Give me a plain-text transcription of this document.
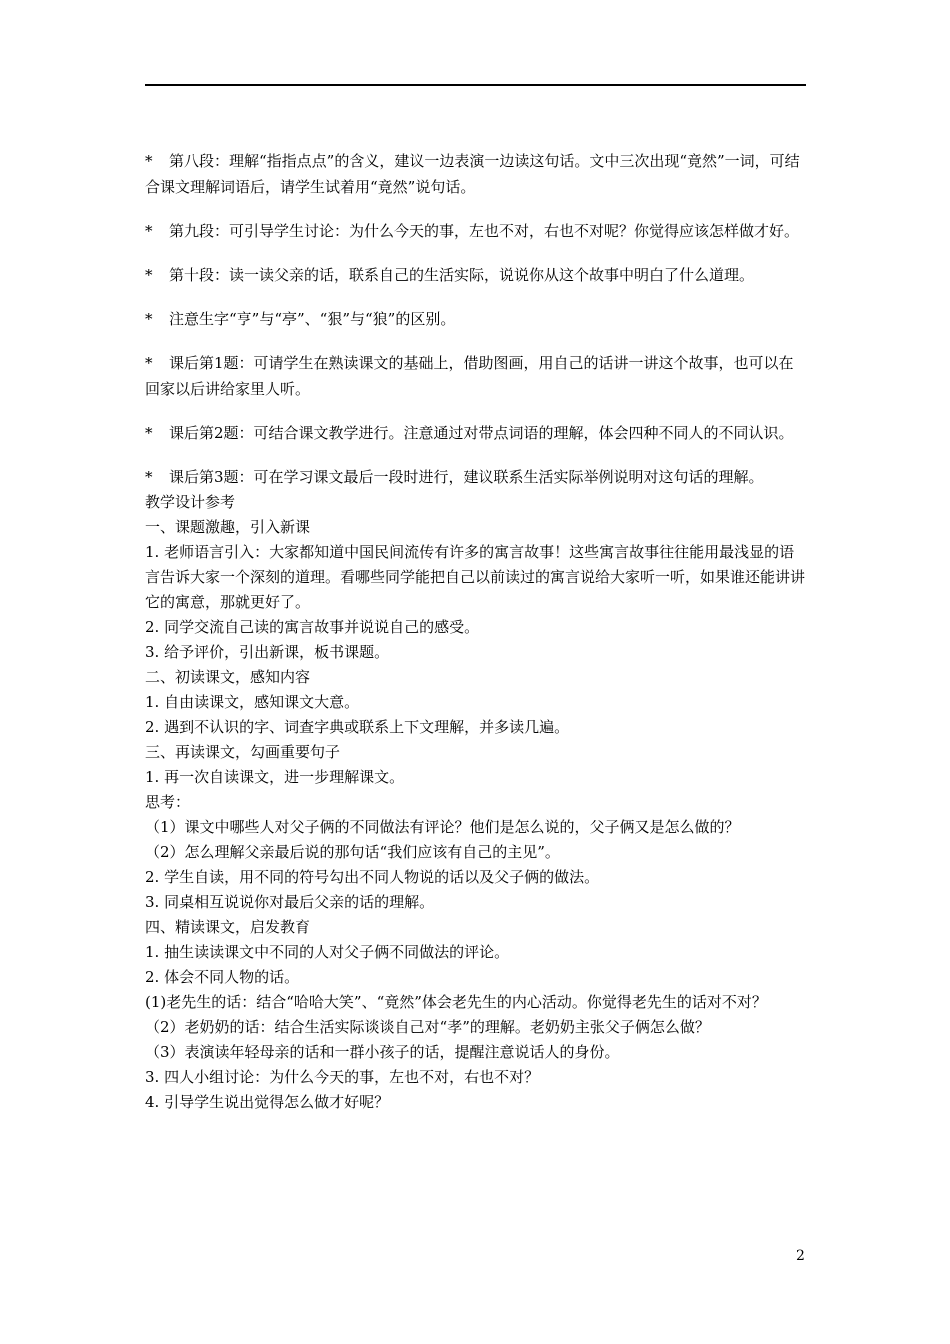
* 第八段：理解“指指点点”的含义，建议一边表演一边读这句话。文中三次出现“竟然”一词，可结合课文理解词语后，请学生试着用“竟然”说句话。

* 第九段：可引导学生讨论：为什么今天的事，左也不对，右也不对呢？你觉得应该怎样做才好。

* 第十段：读一读父亲的话，联系自己的生活实际，说说你从这个故事中明白了什么道理。

* 注意生字“亨”与“亭”、“狠”与“狼”的区别。

* 课后第1题：可请学生在熟读课文的基础上，借助图画，用自己的话讲一讲这个故事，也可以在回家以后讲给家里人听。

* 课后第2题：可结合课文教学进行。注意通过对带点词语的理解，体会四种不同人的不同认识。

* 课后第3题：可在学习课文最后一段时进行，建议联系生活实际举例说明对这句话的理解。

教学设计参考

一、课题激趣，引入新课

1. 老师语言引入：大家都知道中国民间流传有许多的寓言故事！这些寓言故事往往能用最浅显的语言告诉大家一个深刻的道理。看哪些同学能把自己以前读过的寓言说给大家听一听，如果谁还能讲讲它的寓意，那就更好了。

2. 同学交流自己读的寓言故事并说说自己的感受。

3. 给予评价，引出新课，板书课题。

二、初读课文，感知内容

1. 自由读课文，感知课文大意。

2. 遇到不认识的字、词查字典或联系上下文理解，并多读几遍。

三、再读课文，勾画重要句子

1. 再一次自读课文，进一步理解课文。

思考：

（1）课文中哪些人对父子俩的不同做法有评论？他们是怎么说的，父子俩又是怎么做的？

（2）怎么理解父亲最后说的那句话“我们应该有自己的主见”。

2. 学生自读，用不同的符号勾出不同人物说的话以及父子俩的做法。

3. 同桌相互说说你对最后父亲的话的理解。

四、精读课文，启发教育

1. 抽生读读课文中不同的人对父子俩不同做法的评论。

2. 体会不同人物的话。

(1)老先生的话：结合“哈哈大笑”、“竟然”体会老先生的内心活动。你觉得老先生的话对不对？

（2）老奶奶的话：结合生活实际谈谈自己对“孝”的理解。老奶奶主张父子俩怎么做？

（3）表演读年轻母亲的话和一群小孩子的话，提醒注意说话人的身份。

3. 四人小组讨论：为什么今天的事，左也不对，右也不对？

4. 引导学生说出觉得怎么做才好呢？

2
